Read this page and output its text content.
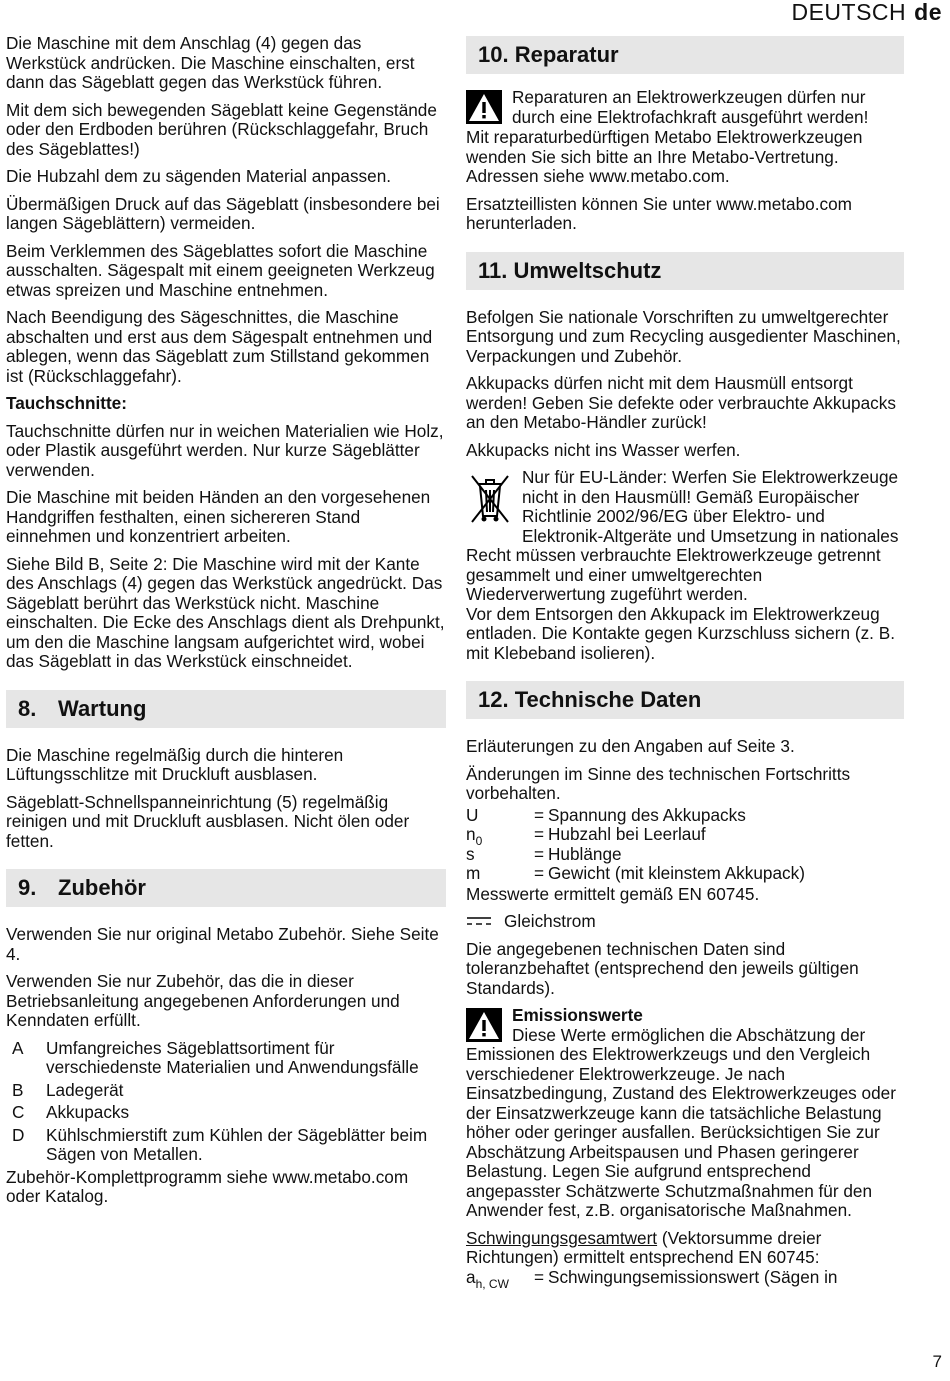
DEUTSCH de

Die Maschine mit dem Anschlag (4) gegen das Werkstück andrücken. Die Maschine einschalten, erst dann das Sägeblatt gegen das Werkstück führen.

Mit dem sich bewegenden Sägeblatt keine Gegenstände oder den Erdboden berühren (Rückschlaggefahr, Bruch des Sägeblattes!)

Die Hubzahl dem zu sägenden Material anpassen.

Übermäßigen Druck auf das Sägeblatt (insbesondere bei langen Sägeblättern) vermeiden.

Beim Verklemmen des Sägeblattes sofort die Maschine ausschalten. Sägespalt mit einem geeigneten Werkzeug etwas spreizen und Maschine entnehmen.

Nach Beendigung des Sägeschnittes, die Maschine abschalten und erst aus dem Sägespalt entnehmen und ablegen, wenn das Sägeblatt zum Stillstand gekommen ist (Rückschlaggefahr).

Tauchschnitte:

Tauchschnitte dürfen nur in weichen Materialien wie Holz, oder Plastik ausgeführt werden. Nur kurze Sägeblätter verwenden.

Die Maschine mit beiden Händen an den vorgesehenen Handgriffen festhalten, einen sichereren Stand einnehmen und konzentriert arbeiten.

Siehe Bild B, Seite 2: Die Maschine wird mit der Kante des Anschlags (4) gegen das Werkstück angedrückt. Das Sägeblatt berührt das Werkstück nicht. Maschine einschalten. Die Ecke des Anschlags dient als Drehpunkt, um den die Maschine langsam aufgerichtet wird, wobei das Sägeblatt in das Werkstück einschneidet.

8. Wartung

Die Maschine regelmäßig durch die hinteren Lüftungsschlitze mit Druckluft ausblasen.

Sägeblatt-Schnellspanneinrichtung (5) regelmäßig reinigen und mit Druckluft ausblasen. Nicht ölen oder fetten.

9. Zubehör

Verwenden Sie nur original Metabo Zubehör. Siehe Seite 4.

Verwenden Sie nur Zubehör, das die in dieser Betriebsanleitung angegebenen Anforderungen und Kenndaten erfüllt.

A	Umfangreiches Sägeblattsortiment für verschiedenste Materialien und Anwendungsfälle
B	Ladegerät
C	Akkupacks
D	Kühlschmierstift zum Kühlen der Sägeblätter beim Sägen von Metallen.

Zubehör-Komplettprogramm siehe www.metabo.com oder Katalog.

10. Reparatur

Reparaturen an Elektrowerkzeugen dürfen nur durch eine Elektrofachkraft ausgeführt werden!

Mit reparaturbedürftigen Metabo Elektrowerkzeugen wenden Sie sich bitte an Ihre Metabo-Vertretung. Adressen siehe www.metabo.com.

Ersatzteillisten können Sie unter www.metabo.com herunterladen.

11. Umweltschutz

Befolgen Sie nationale Vorschriften zu umweltgerechter Entsorgung und zum Recycling ausgedienter Maschinen, Verpackungen und Zubehör.

Akkupacks dürfen nicht mit dem Hausmüll entsorgt werden! Geben Sie defekte oder verbrauchte Akkupacks an den Metabo-Händler zurück!

Akkupacks nicht ins Wasser werfen.

Nur für EU-Länder: Werfen Sie Elektrowerkzeuge nicht in den Hausmüll! Gemäß Europäischer Richtlinie 2002/96/EG über Elektro- und Elektronik-Altgeräte und Umsetzung in nationales Recht müssen verbrauchte Elektrowerkzeuge getrennt gesammelt und einer umweltgerechten Wiederverwertung zugeführt werden.

Vor dem Entsorgen den Akkupack im Elektrowerkzeug entladen. Die Kontakte gegen Kurzschluss sichern (z. B. mit Klebeband isolieren).

12. Technische Daten

Erläuterungen zu den Angaben auf Seite 3.

Änderungen im Sinne des technischen Fortschritts vorbehalten.

U	= Spannung des Akkupacks
$n_0$	= Hubzahl bei Leerlauf
s	= Hublänge
m	= Gewicht (mit kleinstem Akkupack)

Messwerte ermittelt gemäß EN 60745.

Gleichstrom

Die angegebenen technischen Daten sind toleranzbehaftet (entsprechend den jeweils gültigen Standards).

Emissionswerte

Diese Werte ermöglichen die Abschätzung der Emissionen des Elektrowerkzeugs und den Vergleich verschiedener Elektrowerkzeuge. Je nach Einsatzbedingung, Zustand des Elektrowerkzeuges oder der Einsatzwerkzeuge kann die tatsächliche Belastung höher oder geringer ausfallen. Berücksichtigen Sie zur Abschätzung Arbeitspausen und Phasen geringerer Belastung. Legen Sie aufgrund entsprechend angepasster Schätzwerte Schutzmaßnahmen für den Anwender fest, z.B. organisatorische Maßnahmen.

Schwingungsgesamtwert (Vektorsumme dreier Richtungen) ermittelt entsprechend EN 60745:

$a_{h, CW}$	= Schwingungsemissionswert (Sägen in
7
